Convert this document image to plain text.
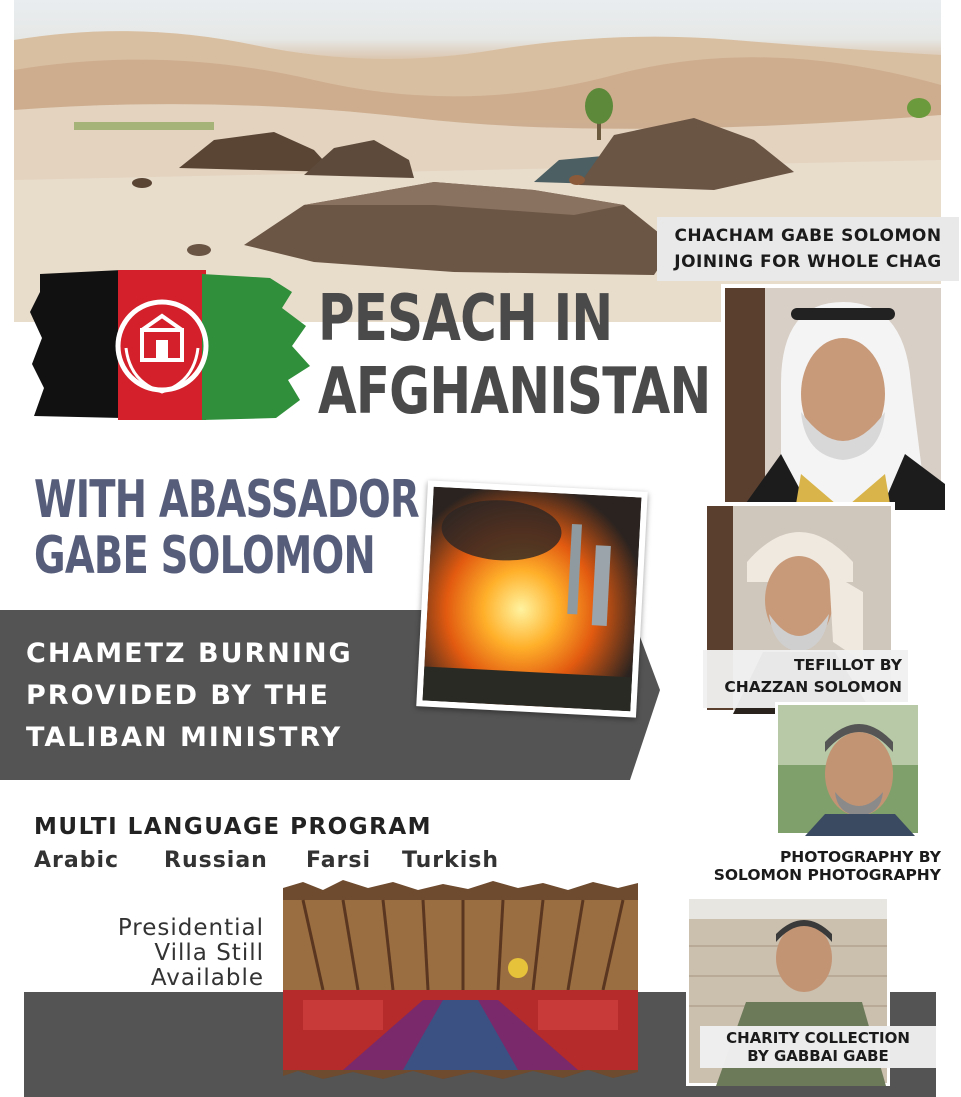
PESACH IN
AFGHANISTAN
WITH ABASSADOR
GABE SOLOMON
CHAMETZ BURNING
PROVIDED BY THE
TALIBAN MINISTRY
MULTI LANGUAGE PROGRAM
Arabic Russian Farsi Turkish
Presidential
Villa Still
Available
CHACHAM GABE SOLOMON
JOINING FOR WHOLE CHAG
TEFILLOT BY
CHAZZAN SOLOMON
PHOTOGRAPHY BY
SOLOMON PHOTOGRAPHY
CHARITY COLLECTION
BY GABBAI GABE
